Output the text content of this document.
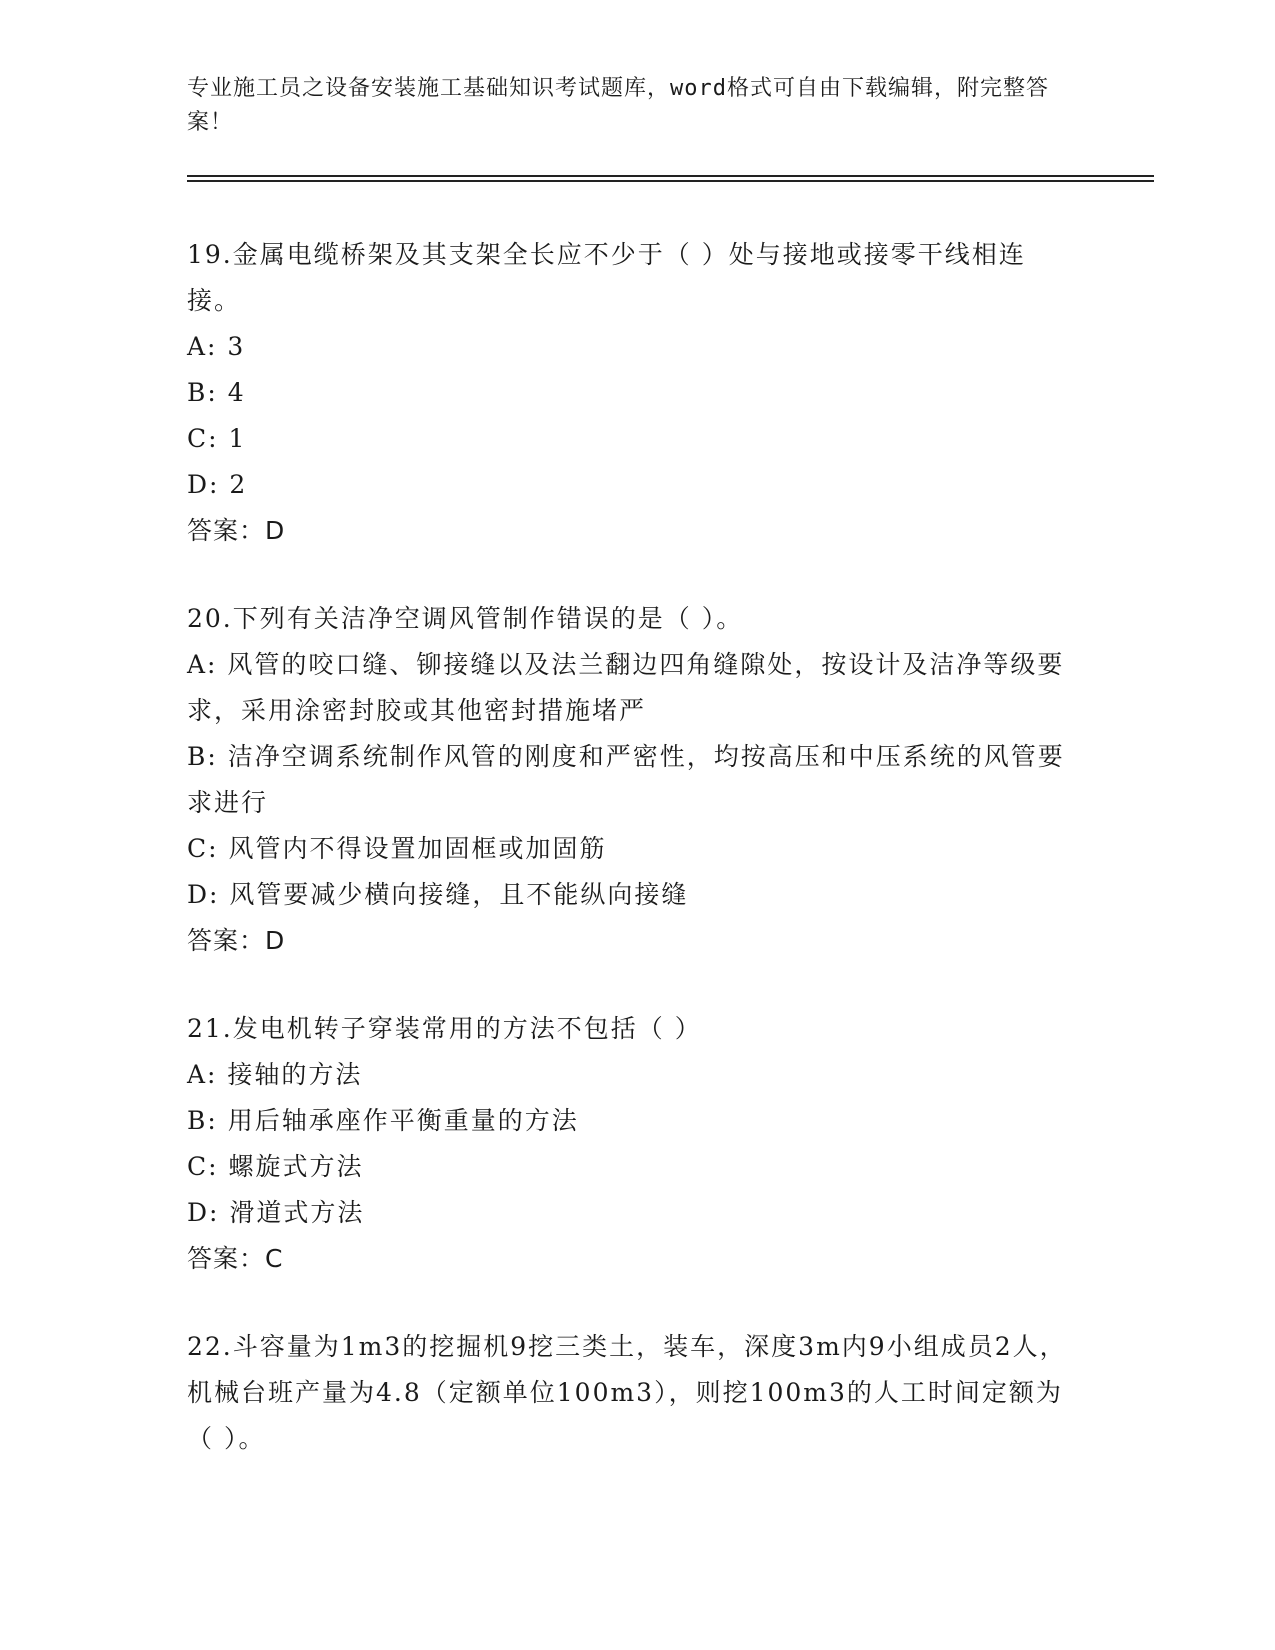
专业施工员之设备安装施工基础知识考试题库，word格式可自由下载编辑，附完整答案！

19.金属电缆桥架及其支架全长应不少于（ ）处与接地或接零干线相连接。

A: 3

B: 4

C: 1

D: 2

答案：D

20.下列有关洁净空调风管制作错误的是（ ）。

A: 风管的咬口缝、铆接缝以及法兰翻边四角缝隙处，按设计及洁净等级要求，采用涂密封胶或其他密封措施堵严

B: 洁净空调系统制作风管的刚度和严密性，均按高压和中压系统的风管要求进行

C: 风管内不得设置加固框或加固筋

D: 风管要减少横向接缝，且不能纵向接缝

答案：D

21.发电机转子穿装常用的方法不包括（ ）

A: 接轴的方法

B: 用后轴承座作平衡重量的方法

C: 螺旋式方法

D: 滑道式方法

答案：C

22.斗容量为1m3的挖掘机9挖三类土，装车，深度3m内9小组成员2人，机械台班产量为4.8（定额单位100m3），则挖100m3的人工时间定额为（ ）。
